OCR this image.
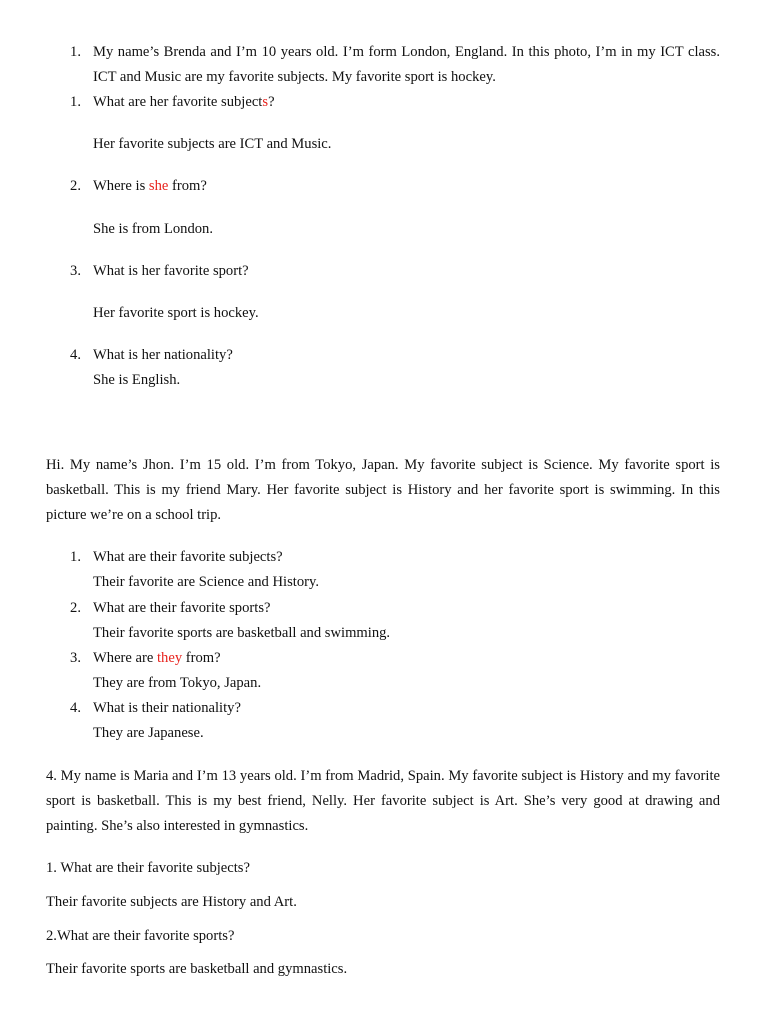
1. My name’s Brenda and I’m 10 years old. I’m form London, England. In this photo, I’m in my ICT class. ICT and Music are my favorite subjects. My favorite sport is hockey.
1. What are her favorite subjects?
Her favorite subjects are ICT and Music.
2. Where is she from?
She is from London.
3. What is her favorite sport?
Her favorite sport is hockey.
4. What is her nationality?
She is English.
Hi. My name’s Jhon. I’m 15 old. I’m from Tokyo, Japan. My favorite subject is Science. My favorite sport is basketball. This is my friend Mary. Her favorite subject is History and her favorite sport is swimming. In this picture we’re on a school trip.
1. What are their favorite subjects?
Their favorite are Science and History.
2. What are their favorite sports?
Their favorite sports are basketball and swimming.
3. Where are they from?
They are from Tokyo, Japan.
4. What is their nationality?
They are Japanese.
4. My name is Maria and I’m 13 years old. I’m from Madrid, Spain. My favorite subject is History and my favorite sport is basketball. This is my best friend, Nelly. Her favorite subject is Art. She’s very good at drawing and painting. She’s also interested in gymnastics.
1. What are their favorite subjects?
Their favorite subjects are History and Art.
2.What are their favorite sports?
Their favorite sports are basketball and gymnastics.
